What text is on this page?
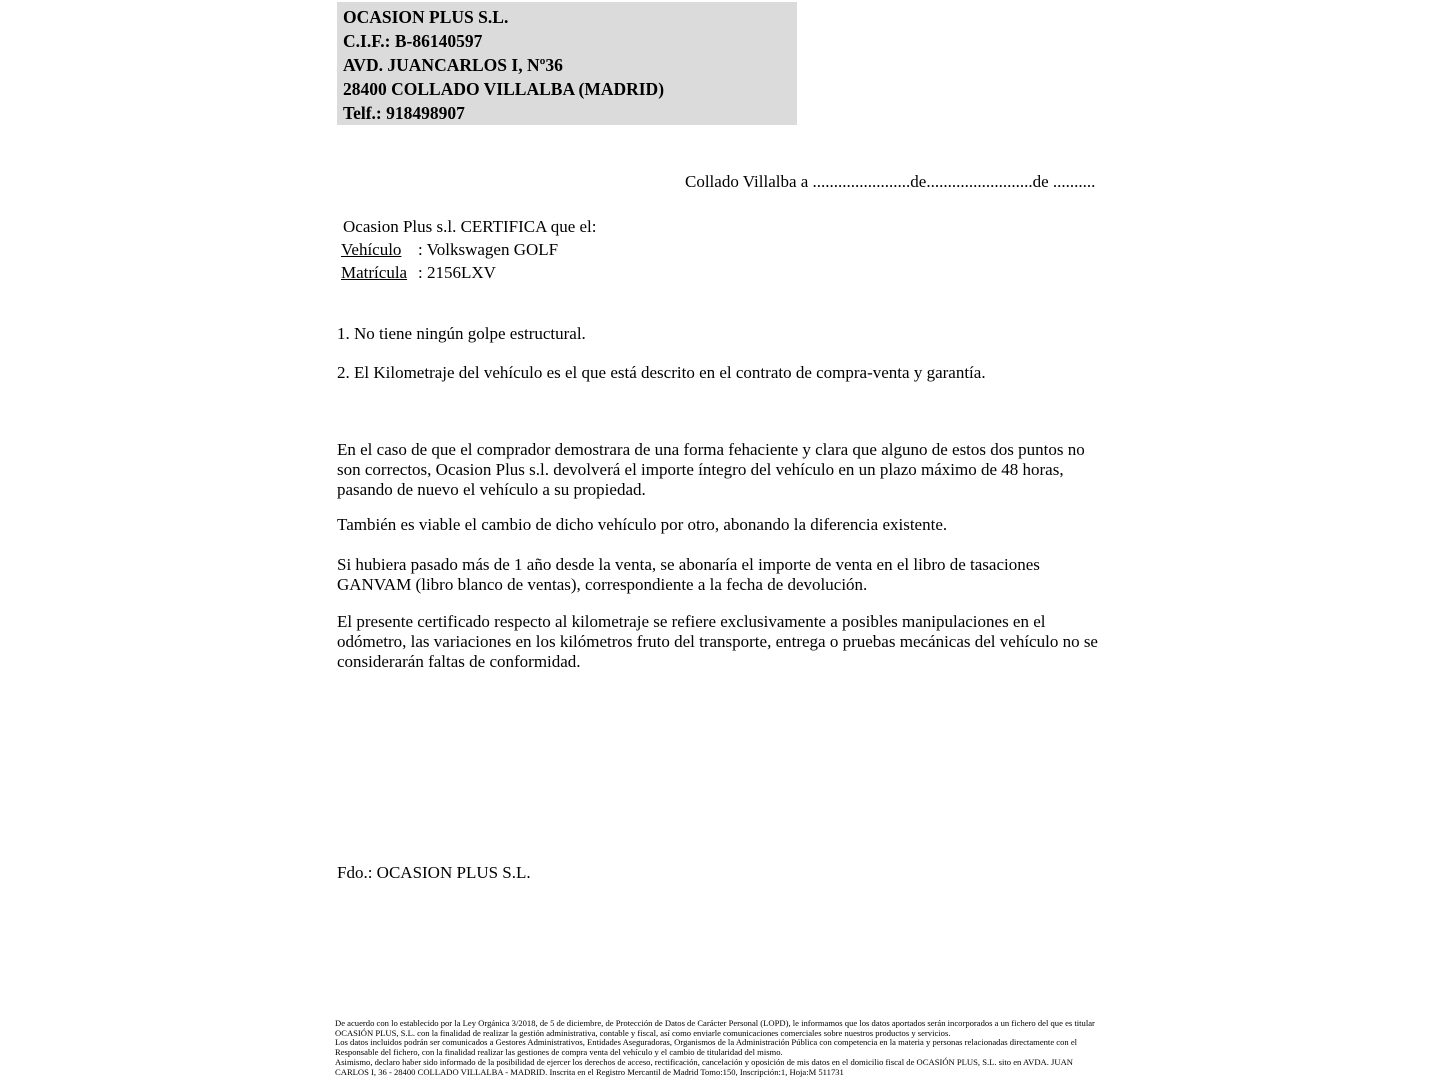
OCASION PLUS S.L.
C.I.F.: B-86140597
AVD. JUANCARLOS I, Nº36
28400 COLLADO VILLALBA (MADRID)
Telf.: 918498907
Collado Villalba a .......................de.........................de ..........
Ocasion Plus s.l. CERTIFICA que el:
Vehículo : Volkswagen GOLF
Matrícula : 2156LXV
1. No tiene ningún golpe estructural.
2. El Kilometraje del vehículo es el que está descrito en el contrato de compra-venta y garantía.
En el caso de que el comprador demostrara de una forma fehaciente y clara que alguno de estos dos puntos no son correctos, Ocasion Plus s.l. devolverá el importe íntegro del vehículo en un plazo máximo de 48 horas, pasando de nuevo el vehículo a su propiedad.
También es viable el cambio de dicho vehículo por otro, abonando la diferencia existente.
Si hubiera pasado más de 1 año desde la venta, se abonaría el importe de venta en el libro de tasaciones GANVAM (libro blanco de ventas), correspondiente a la fecha de devolución.
El presente certificado respecto al kilometraje se refiere exclusivamente a posibles manipulaciones en el odómetro, las variaciones en los kilómetros fruto del transporte, entrega o pruebas mecánicas del vehículo no se considerarán faltas de conformidad.
Fdo.: OCASION PLUS S.L.

De acuerdo con lo establecido por la Ley Orgánica 3/2018, de 5 de diciembre, de Protección de Datos de Carácter Personal (LOPD), le informamos que los datos aportados serán incorporados a un fichero del que es titular OCASIÓN PLUS, S.L. con la finalidad de realizar la gestión administrativa, contable y fiscal, así como enviarle comunicaciones comerciales sobre nuestros productos y servicios.

Los datos incluidos podrán ser comunicados a Gestores Administrativos, Entidades Aseguradoras, Organismos de la Administración Pública con competencia en la materia y personas relacionadas directamente con el Responsable del fichero, con la finalidad realizar las gestiones de compra venta del vehículo y el cambio de titularidad del mismo.

Asimismo, declaro haber sido informado de la posibilidad de ejercer los derechos de acceso, rectificación, cancelación y oposición de mis datos en el domicilio fiscal de OCASIÓN PLUS, S.L. sito en AVDA. JUAN CARLOS I, 36 - 28400 COLLADO VILLALBA - MADRID. Inscrita en el Registro Mercantil de Madrid Tomo:150, Inscripción:1, Hoja:M 511731
